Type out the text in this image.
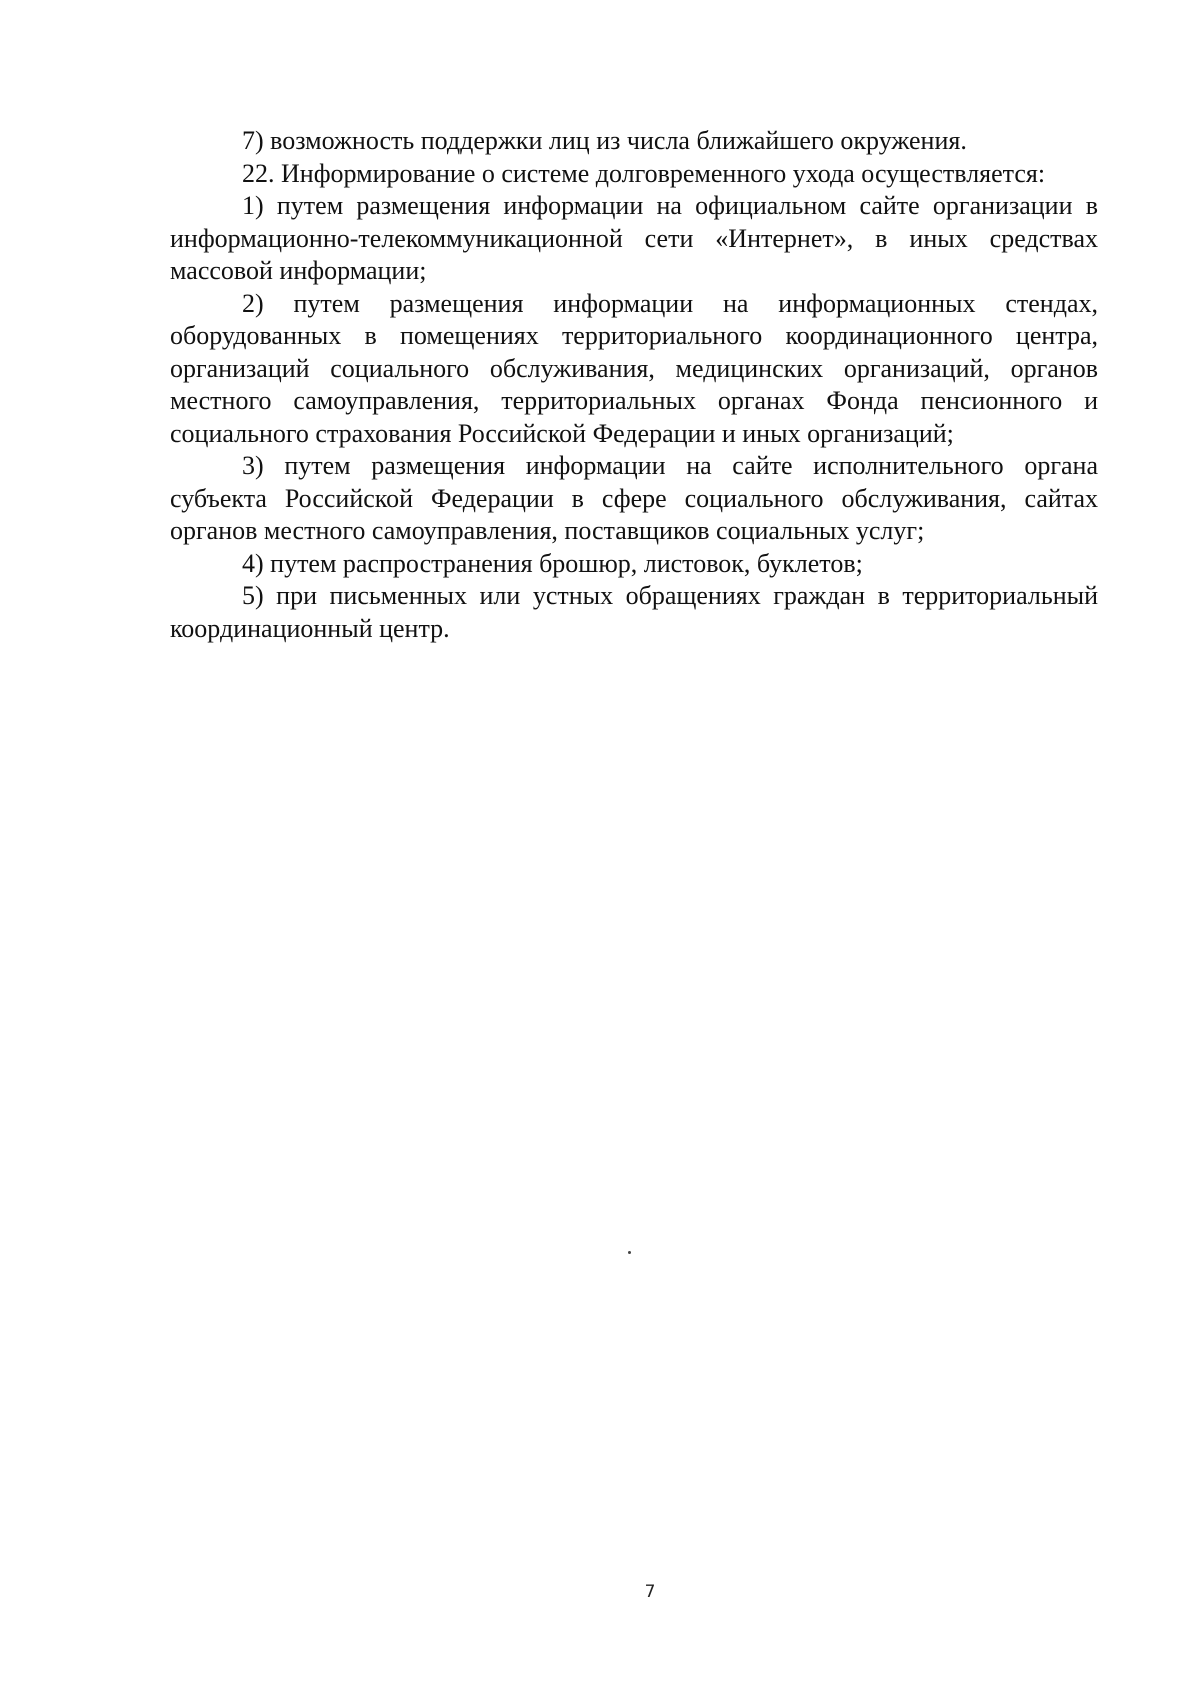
7) возможность поддержки лиц из числа ближайшего окружения.

22. Информирование о системе долговременного ухода осуществляется:

1) путем размещения информации на официальном сайте организации в информационно-телекоммуникационной сети «Интернет», в иных средствах массовой информации;

2) путем размещения информации на информационных стендах, оборудованных в помещениях территориального координационного центра, организаций социального обслуживания, медицинских организаций, органов местного самоуправления, территориальных органах Фонда пенсионного и социального страхования Российской Федерации и иных организаций;

3) путем размещения информации на сайте исполнительного органа субъекта Российской Федерации в сфере социального обслуживания, сайтах органов местного самоуправления, поставщиков социальных услуг;

4) путем распространения брошюр, листовок, буклетов;

5) при письменных или устных обращениях граждан в территориальный координационный центр.

7
